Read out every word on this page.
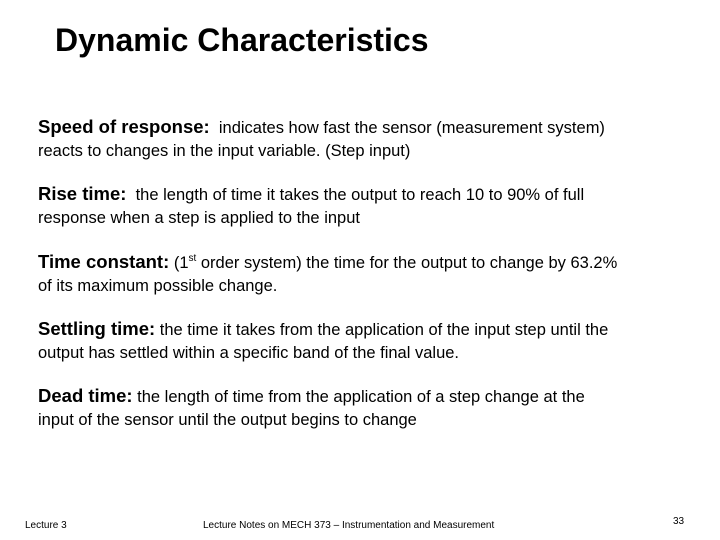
Dynamic Characteristics
Speed of response:  indicates how fast the sensor (measurement system)
reacts to changes in the input variable. (Step input)
Rise time:  the length of time it takes the output to reach 10 to 90% of full
response when a step is applied to the input
Time constant: (1st order system) the time for the output to change by 63.2%
of its maximum possible change.
Settling time: the time it takes from the application of the input step until the
output has settled within a specific band of the final value.
Dead time: the length of time from the application of a step change at the
input of the sensor until the output begins to change
Lecture 3	Lecture Notes on MECH 373 – Instrumentation and Measurement	33
